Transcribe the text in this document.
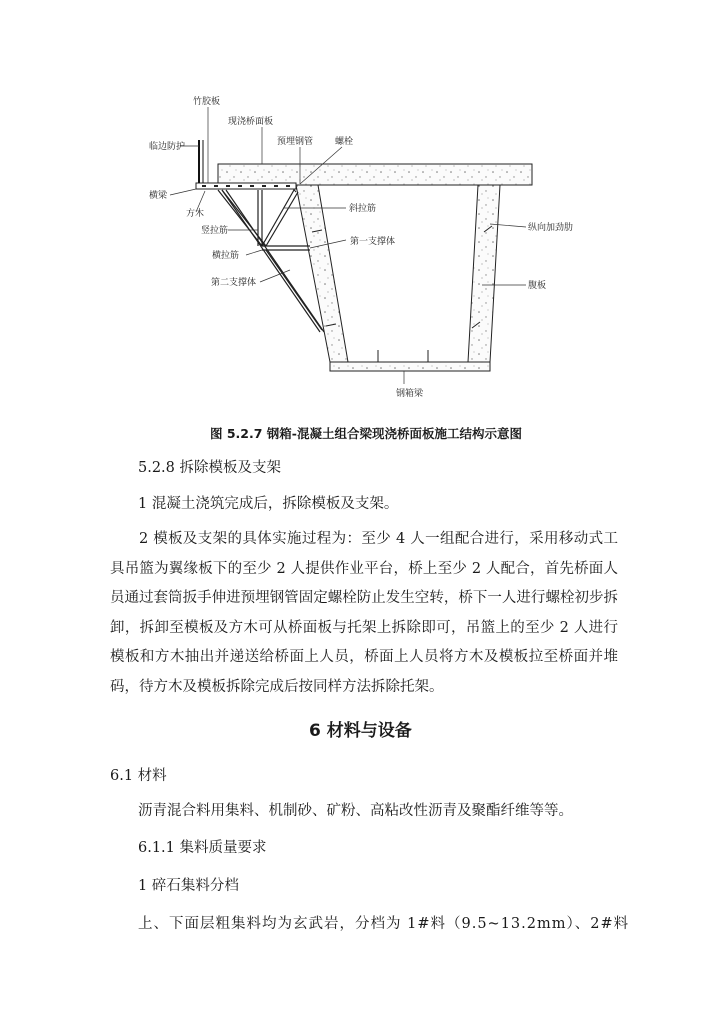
竹胶板
现浇桥面板
预埋钢管 螺栓
临边防护
横梁
方木
竖拉筋
斜拉筋
第一支撑体
横拉筋
第二支撑体
纵向加劲肋
腹板
钢箱梁
图 5.2.7 钢箱-混凝土组合梁现浇桥面板施工结构示意图
5.2.8 拆除模板及支架
1 混凝土浇筑完成后，拆除模板及支架。
2 模板及支架的具体实施过程为：至少 4 人一组配合进行，采用移动式工具吊篮为翼缘板下的至少 2 人提供作业平台，桥上至少 2 人配合，首先桥面人员通过套筒扳手伸进预埋钢管固定螺栓防止发生空转，桥下一人进行螺栓初步拆卸，拆卸至模板及方木可从桥面板与托架上拆除即可，吊篮上的至少 2 人进行模板和方木抽出并递送给桥面上人员，桥面上人员将方木及模板拉至桥面并堆码，待方木及模板拆除完成后按同样方法拆除托架。
6 材料与设备
6.1 材料
沥青混合料用集料、机制砂、矿粉、高粘改性沥青及聚酯纤维等等。
6.1.1 集料质量要求
1 碎石集料分档
上、下面层粗集料均为玄武岩，分档为 1#料（9.5~13.2mm）、2#料
